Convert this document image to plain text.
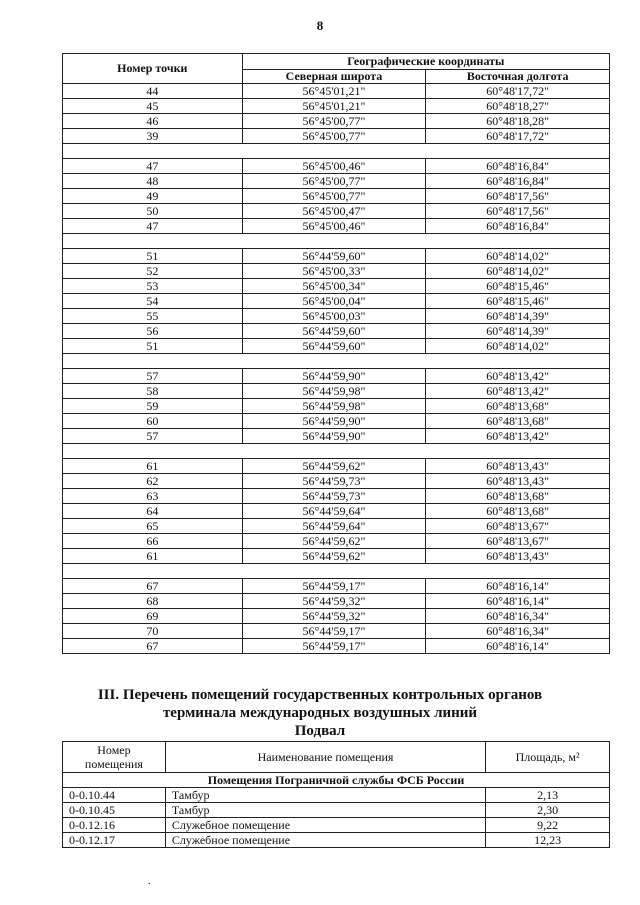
8
Номер точки	Географические координаты	
	Северная широта	Восточная долгота
44	56°45'01,21"	60°48'17,72"
45	56°45'01,21"	60°48'18,27"
46	56°45'00,77"	60°48'18,28"
39	56°45'00,77"	60°48'17,72"

47	56°45'00,46"	60°48'16,84"
48	56°45'00,77"	60°48'16,84"
49	56°45'00,77"	60°48'17,56"
50	56°45'00,47"	60°48'17,56"
47	56°45'00,46"	60°48'16,84"

51	56°44'59,60"	60°48'14,02"
52	56°45'00,33"	60°48'14,02"
53	56°45'00,34"	60°48'15,46"
54	56°45'00,04"	60°48'15,46"
55	56°45'00,03"	60°48'14,39"
56	56°44'59,60"	60°48'14,39"
51	56°44'59,60"	60°48'14,02"

57	56°44'59,90"	60°48'13,42"
58	56°44'59,98"	60°48'13,42"
59	56°44'59,98"	60°48'13,68"
60	56°44'59,90"	60°48'13,68"
57	56°44'59,90"	60°48'13,42"

61	56°44'59,62"	60°48'13,43"
62	56°44'59,73"	60°48'13,43"
63	56°44'59,73"	60°48'13,68"
64	56°44'59,64"	60°48'13,68"
65	56°44'59,64"	60°48'13,67"
66	56°44'59,62"	60°48'13,67"
61	56°44'59,62"	60°48'13,43"

67	56°44'59,17"	60°48'16,14"
68	56°44'59,32"	60°48'16,14"
69	56°44'59,32"	60°48'16,34"
70	56°44'59,17"	60°48'16,34"
67	56°44'59,17"	60°48'16,14"
III. Перечень помещений государственных контрольных органов
терминала международных воздушных линий
Подвал
Номер
помещения	Наименование помещения	Площадь, м²
Помещения Пограничной службы ФСБ России		
0-0.10.44	Тамбур	2,13
0-0.10.45	Тамбур	2,30
0-0.12.16	Служебное помещение	9,22
0-0.12.17	Служебное помещение	12,23
.
